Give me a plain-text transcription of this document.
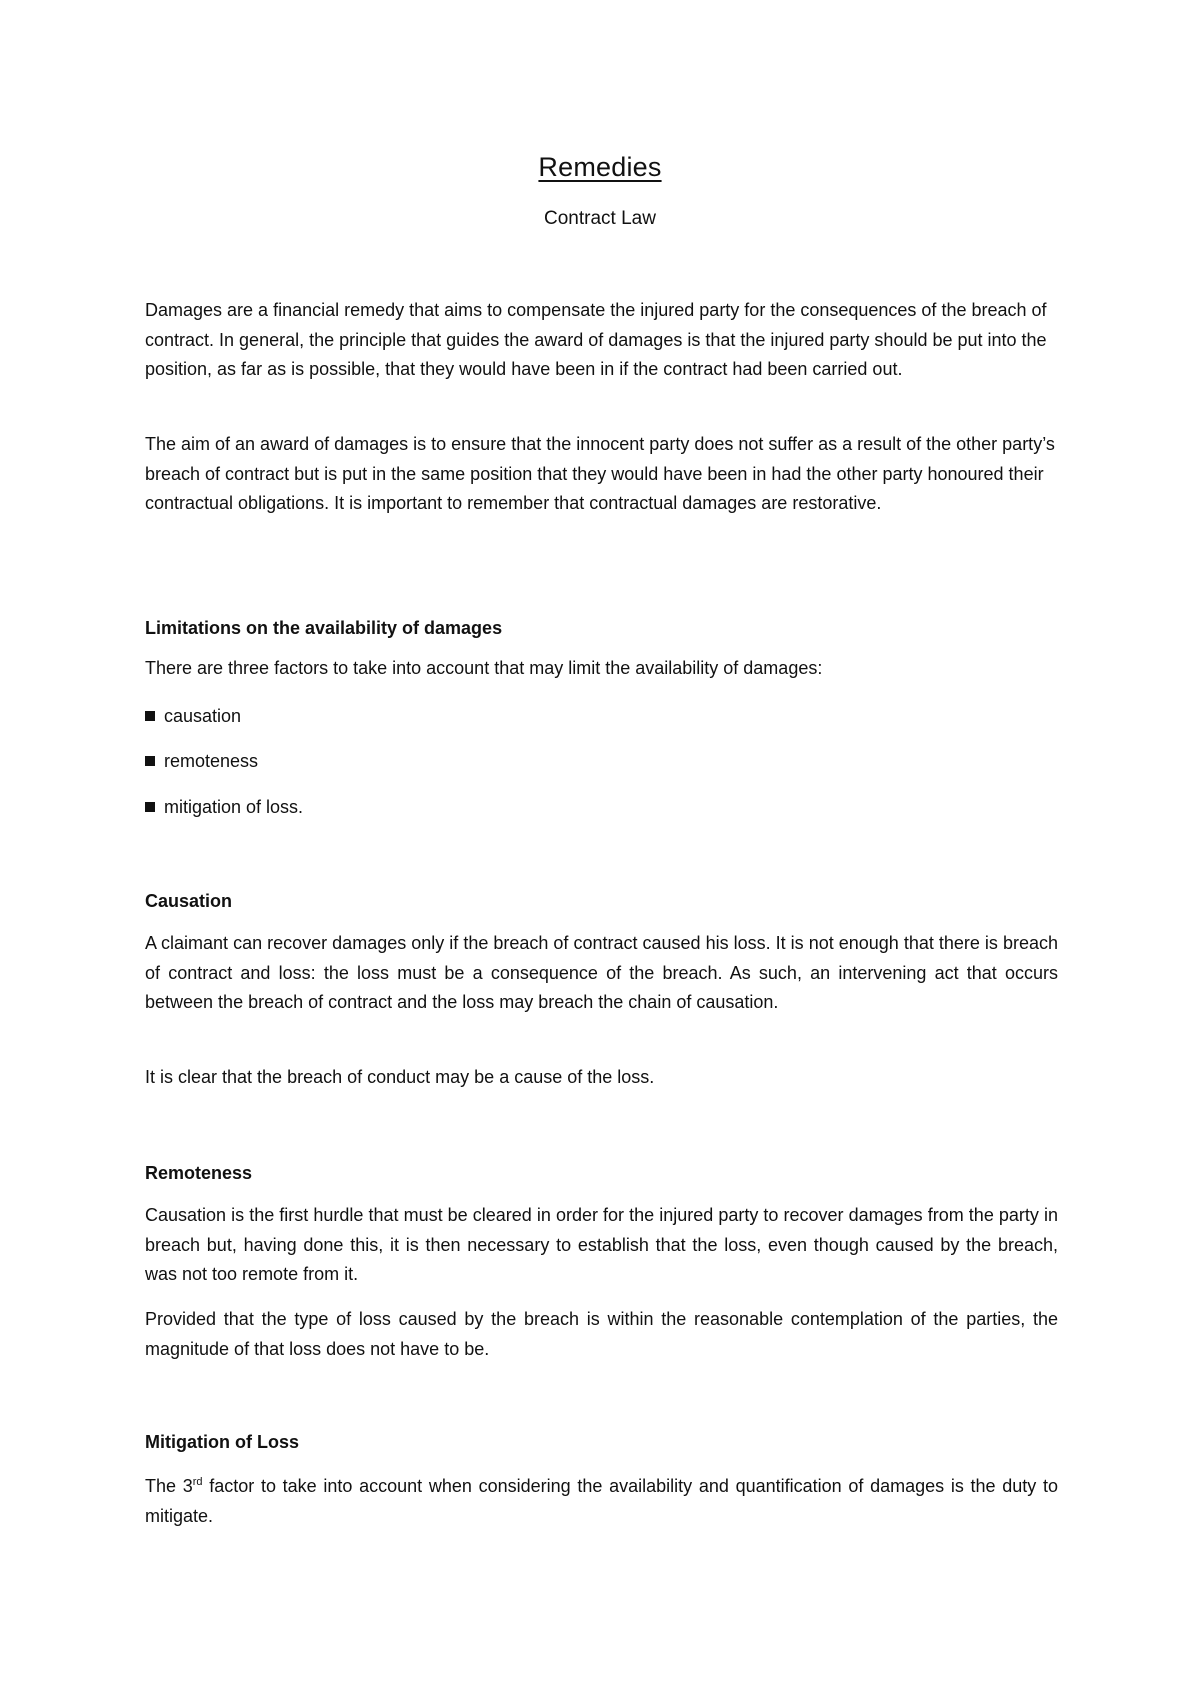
Remedies

Contract Law

Damages are a financial remedy that aims to compensate the injured party for the consequences of the breach of contract. In general, the principle that guides the award of damages is that the injured party should be put into the position, as far as is possible, that they would have been in if the contract had been carried out.

The aim of an award of damages is to ensure that the innocent party does not suffer as a result of the other party’s breach of contract but is put in the same position that they would have been in had the other party honoured their contractual obligations. It is important to remember that contractual damages are restorative.

Limitations on the availability of damages

There are three factors to take into account that may limit the availability of damages:

causation

remoteness

mitigation of loss.

Causation

A claimant can recover damages only if the breach of contract caused his loss. It is not enough that there is breach of contract and loss: the loss must be a consequence of the breach. As such, an intervening act that occurs between the breach of contract and the loss may breach the chain of causation.

It is clear that the breach of conduct may be a cause of the loss.

Remoteness

Causation is the first hurdle that must be cleared in order for the injured party to recover damages from the party in breach but, having done this, it is then necessary to establish that the loss, even though caused by the breach, was not too remote from it.

Provided that the type of loss caused by the breach is within the reasonable contemplation of the parties, the magnitude of that loss does not have to be.

Mitigation of Loss

The 3rd factor to take into account when considering the availability and quantification of damages is the duty to mitigate.
